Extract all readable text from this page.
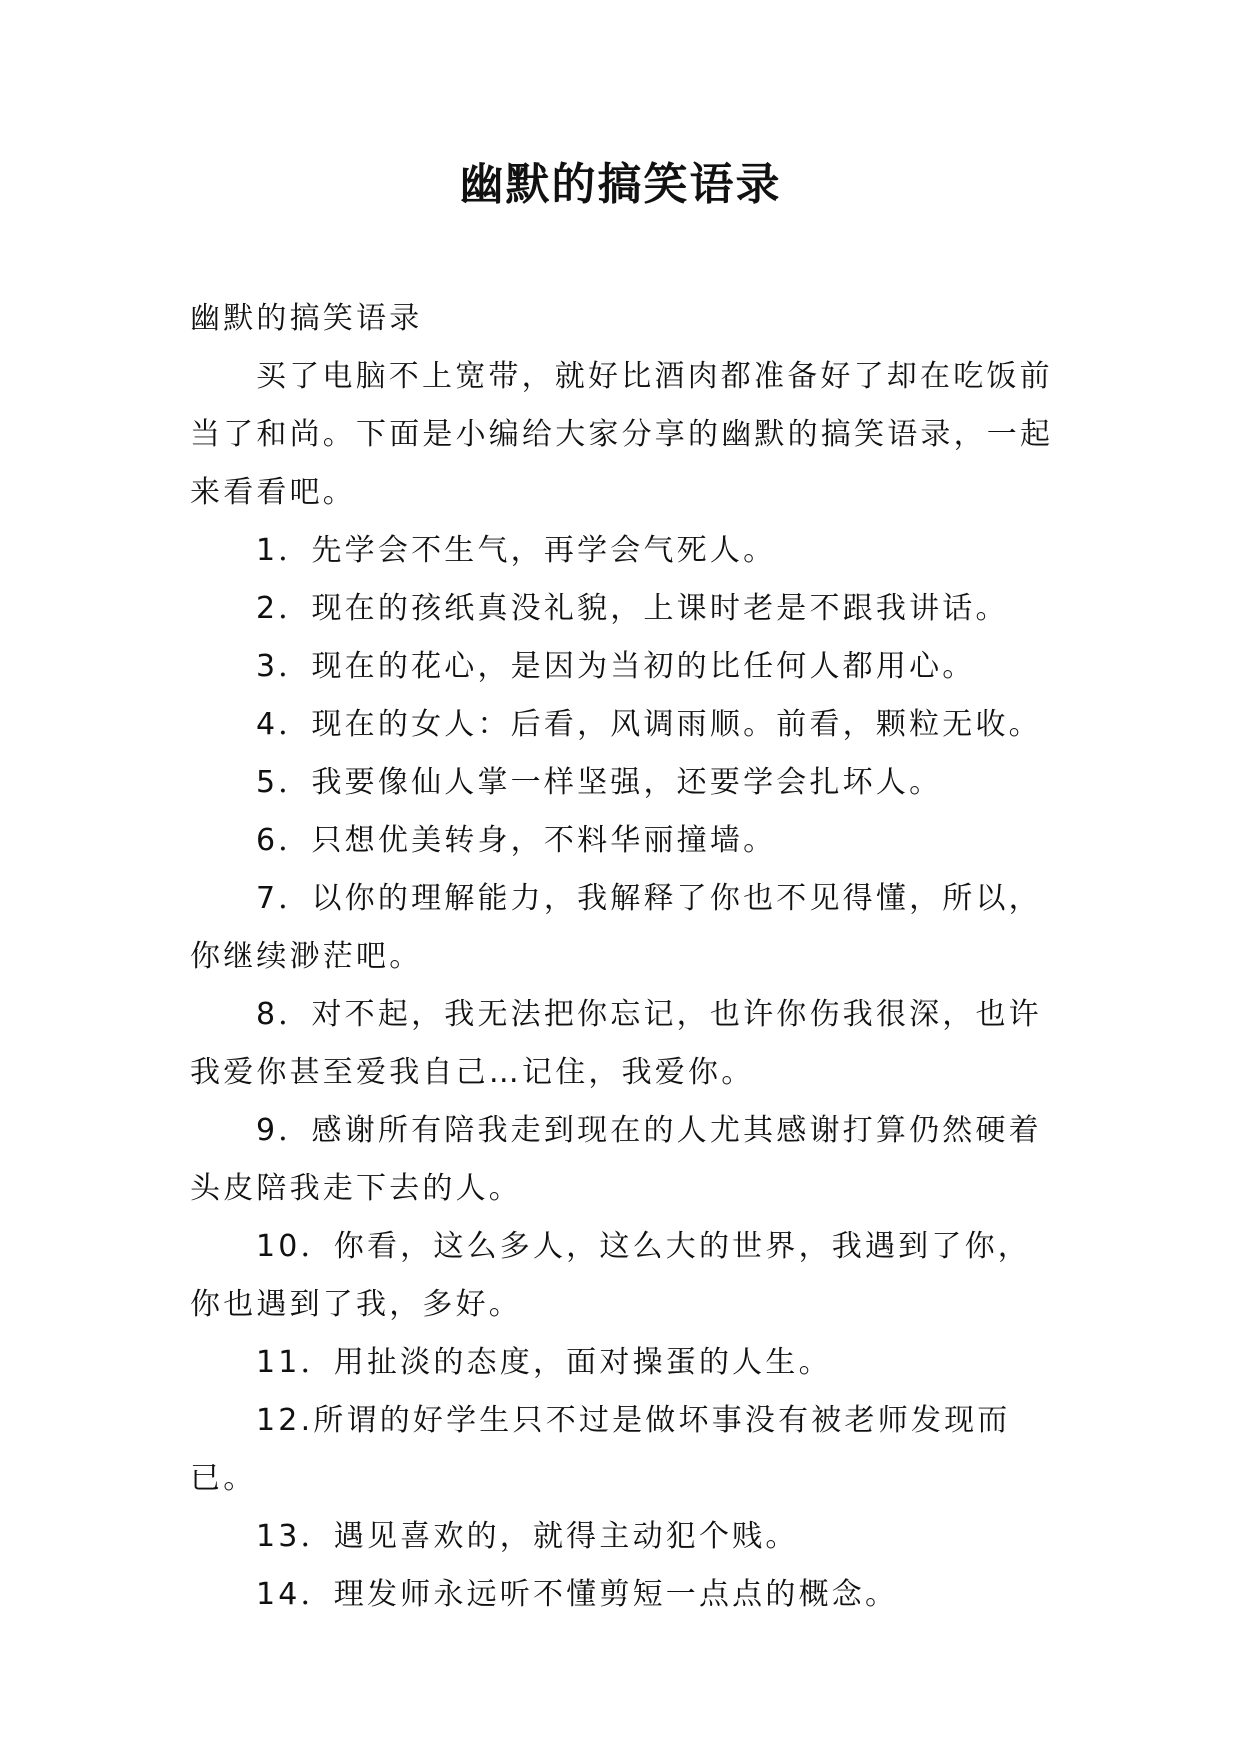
幽默的搞笑语录

幽默的搞笑语录

买了电脑不上宽带，就好比酒肉都准备好了却在吃饭前当了和尚。下面是小编给大家分享的幽默的搞笑语录，一起来看看吧。

1．先学会不生气，再学会气死人。

2．现在的孩纸真没礼貌，上课时老是不跟我讲话。

3．现在的花心，是因为当初的比任何人都用心。

4．现在的女人：后看，风调雨顺。前看，颗粒无收。

5．我要像仙人掌一样坚强，还要学会扎坏人。

6．只想优美转身，不料华丽撞墙。

7．以你的理解能力，我解释了你也不见得懂，所以，你继续渺茫吧。

8．对不起，我无法把你忘记，也许你伤我很深，也许我爱你甚至爱我自己…记住，我爱你。

9．感谢所有陪我走到现在的人尤其感谢打算仍然硬着头皮陪我走下去的人。

10．你看，这么多人，这么大的世界，我遇到了你，你也遇到了我，多好。

11．用扯淡的态度，面对操蛋的人生。

12.所谓的好学生只不过是做坏事没有被老师发现而已。

13．遇见喜欢的，就得主动犯个贱。

14．理发师永远听不懂剪短一点点的概念。
